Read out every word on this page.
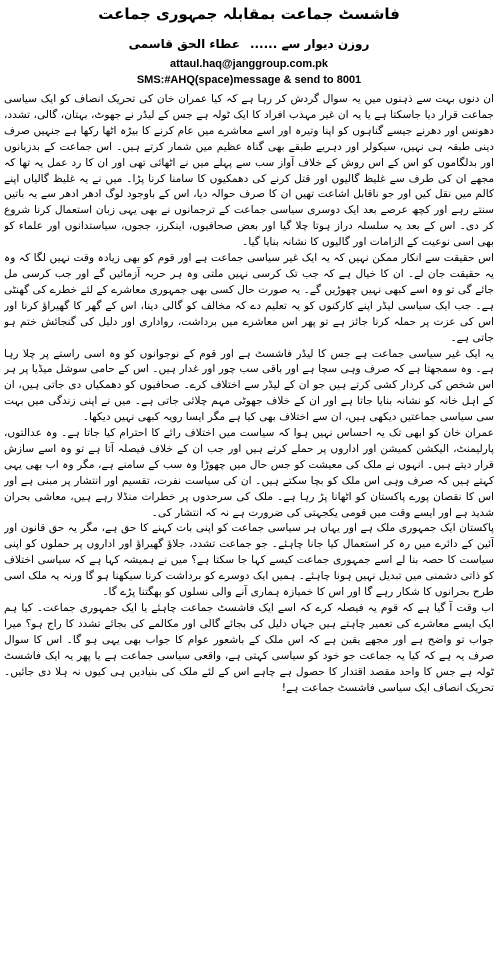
فاشسٹ جماعت بمقابلہ جمہوری جماعت
روزن دیوار سے ......عطاء الحق قاسمی
attaul.haq@janggroup.com.pk
SMS:#AHQ(space)message & send to 8001

ان دنوں بہت سے ذہنوں میں یہ سوال گردش کر رہا ہے کہ کیا عمران خان کی تحریک انصاف کو ایک سیاسی جماعت قرار دیا جاسکتا ہے یا یہ ان غیر مہذب افراد کا ایک ٹولہ ہے جس کے لیڈر نے جھوٹ، بہتان، گالی، تشدد، دھونس اور دھرنے جیسے گناہوں کو اپنا وتیرہ اور اسے معاشرے میں عام کرنے کا بیڑہ اٹھا رکھا ہے جنہیں صرف دینی طبقہ ہی نہیں، سیکولر اور دہریے طبقے بھی گناہ عظیم میں شمار کرتے ہیں۔ اس جماعت کے بدزبانوں اور بدلگاموں کو اس کے اس روش کے خلاف آواز سب سے پہلے میں نے اٹھائی تھی اور ان کا رد عمل یہ تھا کہ مجھے ان کی طرف سے غلیظ گالیوں اور قتل کرنے کی دھمکیوں کا سامنا کرنا پڑا۔ میں نے یہ غلیظ گالیاں اپنے کالم میں نقل کیں اور جو ناقابل اشاعت تھیں ان کا صرف حوالہ دیا، اس کے باوجود لوگ ادھر ادھر سے یہ باتیں سنتے رہے اور کچھ عرصے بعد ایک دوسری سیاسی جماعت کے ترجمانوں نے بھی یہی زبان استعمال کرنا شروع کر دی۔ اس کے بعد یہ سلسلہ دراز ہوتا چلا گیا اور بعض صحافیوں، اینکرز، ججوں، سیاستدانوں اور علماء کو بھی اسی نوعیت کے الزامات اور گالیوں کا نشانہ بنایا گیا۔

اس حقیقت سے انکار ممکن نہیں کہ یہ ایک غیر سیاسی جماعت ہے اور قوم کو بھی زیادہ وقت نہیں لگا کہ وہ یہ حقیقت جان لے۔ ان کا خیال ہے کہ جب تک کرسی نہیں ملتی وہ ہر حربہ آزمائیں گے اور جب کرسی مل جائے گی تو وہ اسے کبھی نہیں چھوڑیں گے۔ یہ صورت حال کسی بھی جمہوری معاشرے کے لئے خطرے کی گھنٹی ہے۔ جب ایک سیاسی لیڈر اپنے کارکنوں کو یہ تعلیم دے کہ مخالف کو گالی دینا، اس کے گھر کا گھیراؤ کرنا اور اس کی عزت پر حملہ کرنا جائز ہے تو پھر اس معاشرے میں برداشت، رواداری اور دلیل کی گنجائش ختم ہو جاتی ہے۔

یہ ایک غیر سیاسی جماعت ہے جس کا لیڈر فاشسٹ ہے اور قوم کے نوجوانوں کو وہ اسی راستے پر چلا رہا ہے۔ وہ سمجھتا ہے کہ صرف وہی سچا ہے اور باقی سب چور اور غدار ہیں۔ اس کے حامی سوشل میڈیا پر ہر اس شخص کی کردار کشی کرتے ہیں جو ان کے لیڈر سے اختلاف کرے۔ صحافیوں کو دھمکیاں دی جاتی ہیں، ان کے اہل خانہ کو نشانہ بنایا جاتا ہے اور ان کے خلاف جھوٹی مہم چلائی جاتی ہے۔ میں نے اپنی زندگی میں بہت سی سیاسی جماعتیں دیکھی ہیں، ان سے اختلاف بھی کیا ہے مگر ایسا رویہ کبھی نہیں دیکھا۔

عمران خان کو ابھی تک یہ احساس نہیں ہوا کہ سیاست میں اختلاف رائے کا احترام کیا جاتا ہے۔ وہ عدالتوں، پارلیمنٹ، الیکشن کمیشن اور اداروں پر حملے کرتے ہیں اور جب ان کے خلاف فیصلہ آتا ہے تو وہ اسے سازش قرار دیتے ہیں۔ انہوں نے ملک کی معیشت کو جس حال میں چھوڑا وہ سب کے سامنے ہے، مگر وہ اب بھی یہی کہتے ہیں کہ صرف وہی اس ملک کو بچا سکتے ہیں۔ ان کی سیاست نفرت، تقسیم اور انتشار پر مبنی ہے اور اس کا نقصان پورے پاکستان کو اٹھانا پڑ رہا ہے۔ ملک کی سرحدوں پر خطرات منڈلا رہے ہیں، معاشی بحران شدید ہے اور ایسے وقت میں قومی یکجہتی کی ضرورت ہے نہ کہ انتشار کی۔

پاکستان ایک جمہوری ملک ہے اور یہاں ہر سیاسی جماعت کو اپنی بات کہنے کا حق ہے، مگر یہ حق قانون اور آئین کے دائرے میں رہ کر استعمال کیا جانا چاہئے۔ جو جماعت تشدد، جلاؤ گھیراؤ اور اداروں پر حملوں کو اپنی سیاست کا حصہ بنا لے اسے جمہوری جماعت کیسے کہا جا سکتا ہے؟ میں نے ہمیشہ کہا ہے کہ سیاسی اختلاف کو ذاتی دشمنی میں تبدیل نہیں ہونا چاہئے۔ ہمیں ایک دوسرے کو برداشت کرنا سیکھنا ہو گا ورنہ یہ ملک اسی طرح بحرانوں کا شکار رہے گا اور اس کا خمیازہ ہماری آنے والی نسلوں کو بھگتنا پڑے گا۔

اب وقت آ گیا ہے کہ قوم یہ فیصلہ کرے کہ اسے ایک فاشسٹ جماعت چاہئے یا ایک جمہوری جماعت۔ کیا ہم ایک ایسے معاشرے کی تعمیر چاہتے ہیں جہاں دلیل کی بجائے گالی اور مکالمے کی بجائے تشدد کا راج ہو؟ میرا جواب تو واضح ہے اور مجھے یقین ہے کہ اس ملک کے باشعور عوام کا جواب بھی یہی ہو گا۔ اس کا سوال صرف یہ ہے کہ کیا یہ جماعت جو خود کو سیاسی کہتی ہے، واقعی سیاسی جماعت ہے یا پھر یہ ایک فاشسٹ ٹولہ ہے جس کا واحد مقصد اقتدار کا حصول ہے چاہے اس کے لئے ملک کی بنیادیں ہی کیوں نہ ہلا دی جائیں۔ تحریک انصاف ایک سیاسی فاشسٹ جماعت ہے!
